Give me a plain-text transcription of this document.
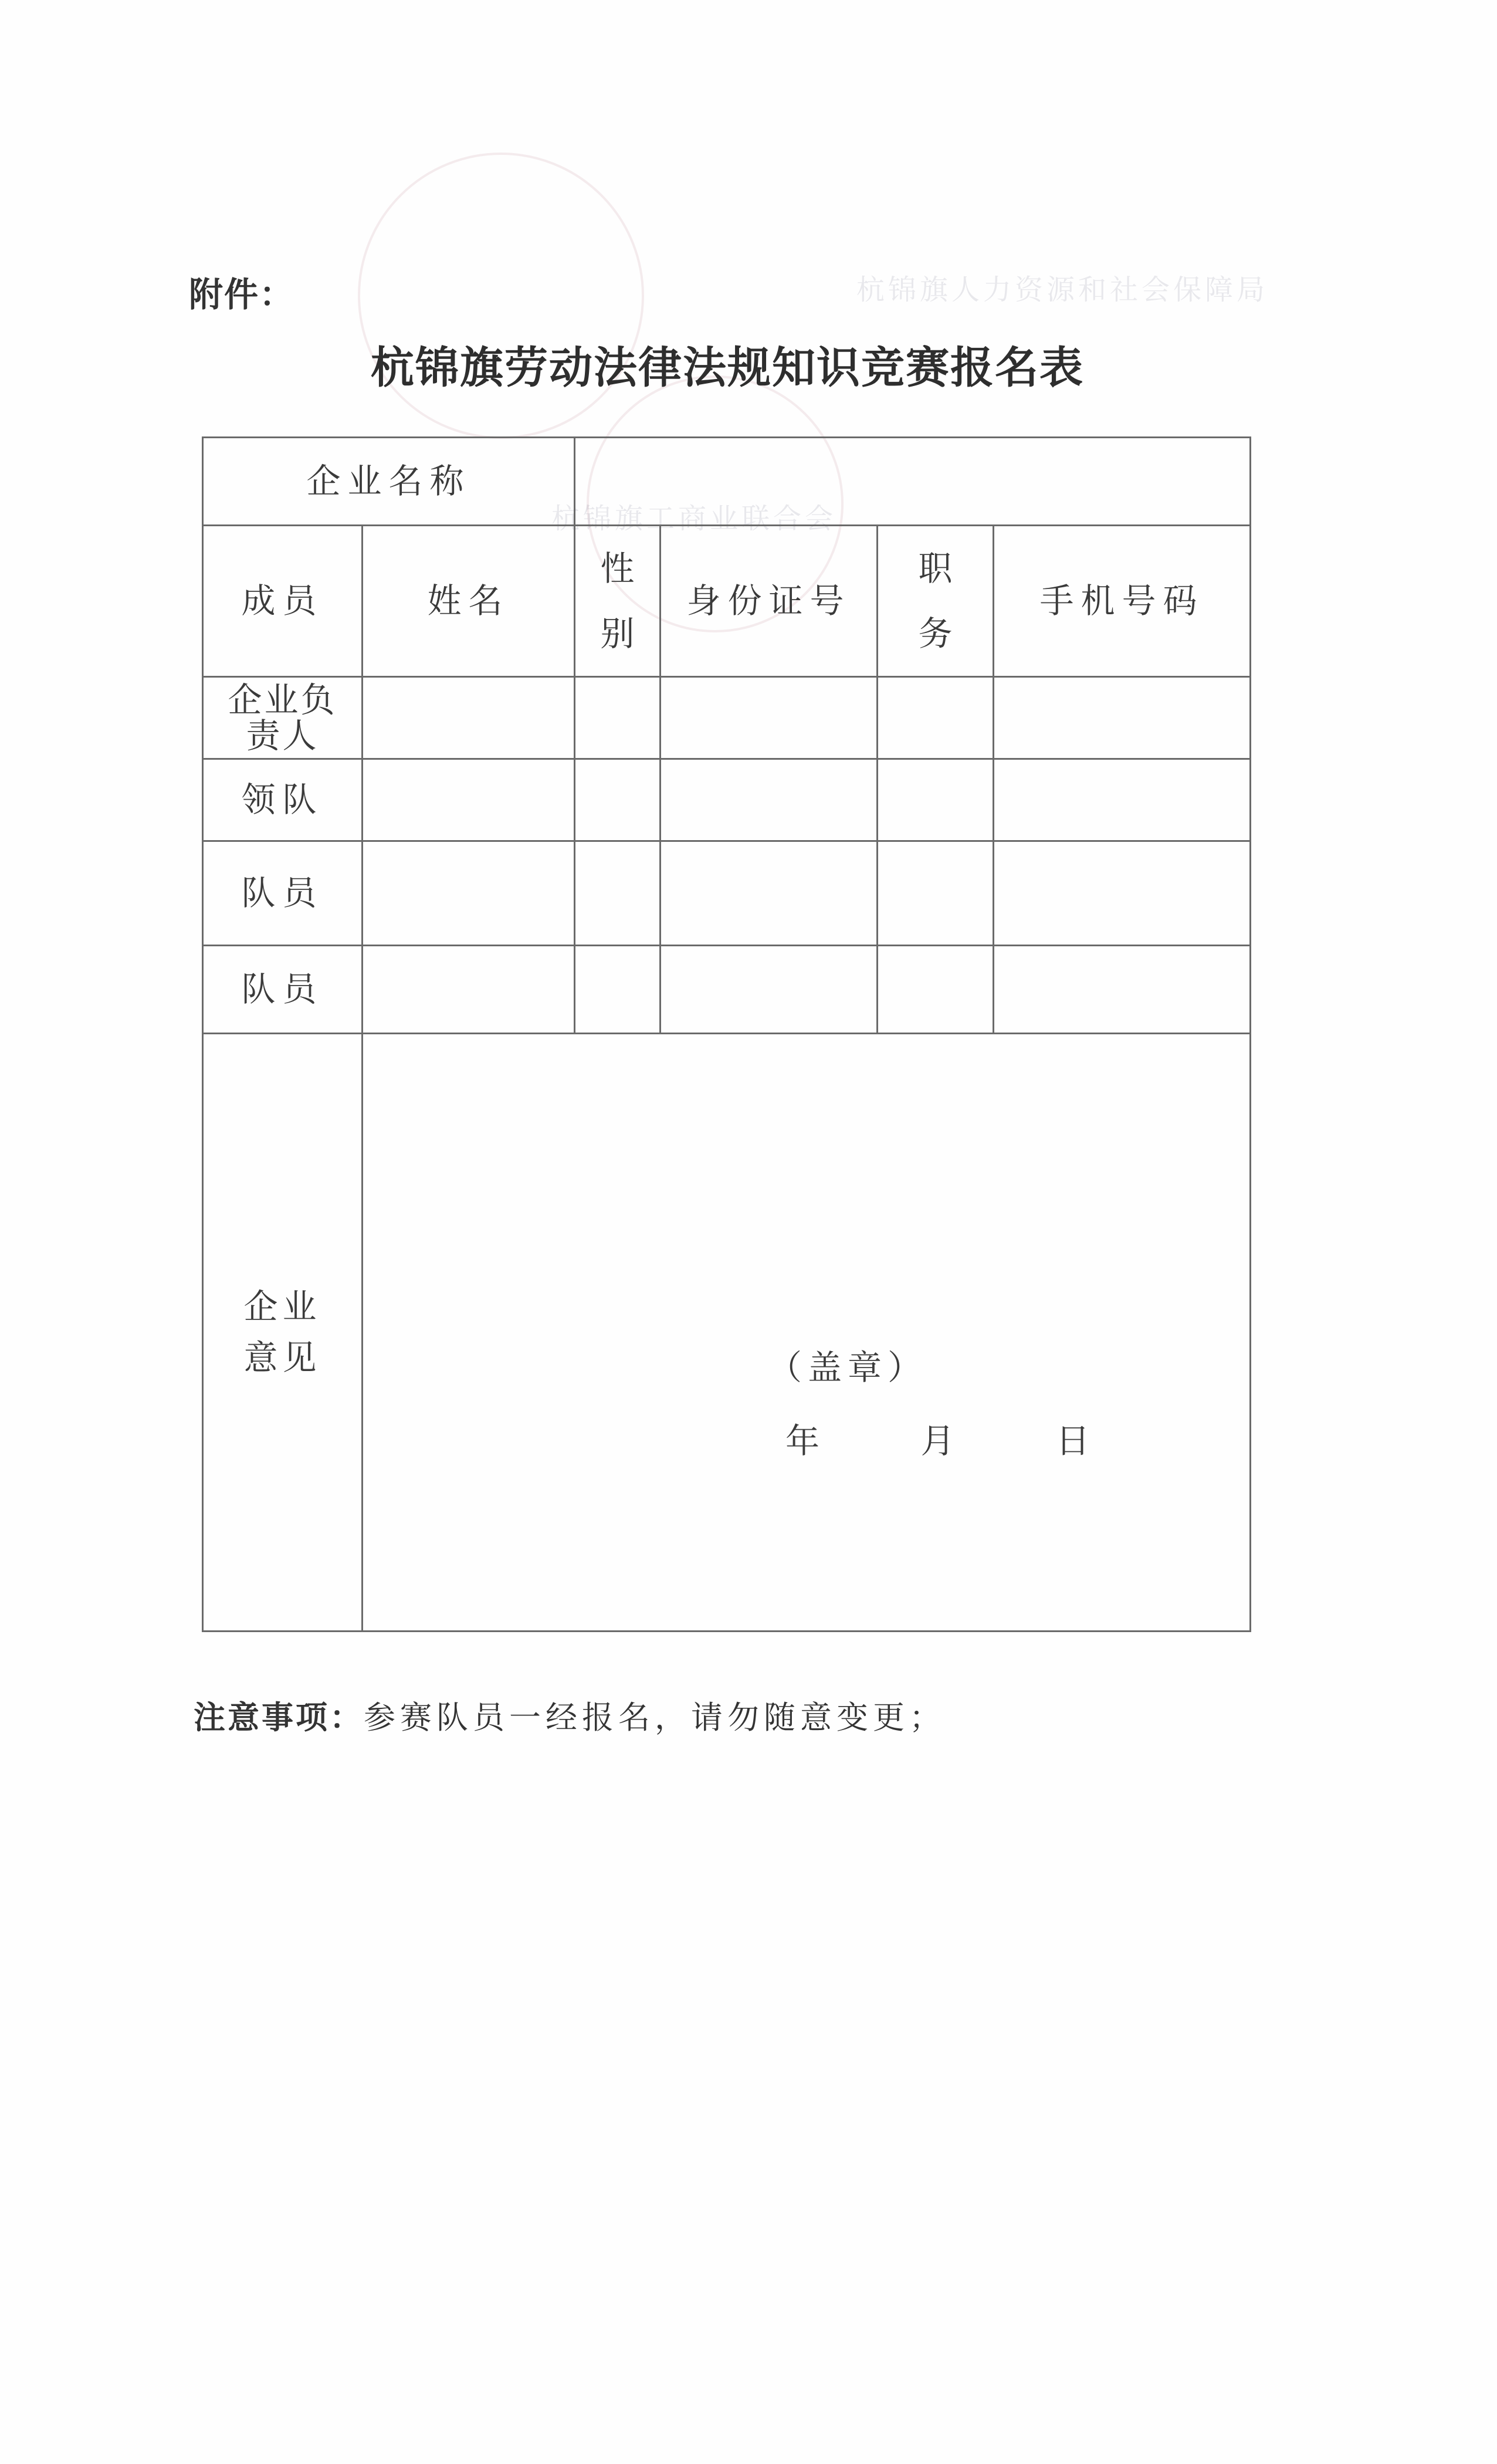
杭锦旗人力资源和社会保障局
杭锦旗工商业联合会
附件：
杭锦旗劳动法律法规知识竞赛报名表
企业名称					
成员	姓名	性别	身份证号	职务	手机号码

企业负责人					

领队					
队员					
队员					

企业意见	（盖章）
年 月 日				
注意事项：参赛队员一经报名，请勿随意变更；
